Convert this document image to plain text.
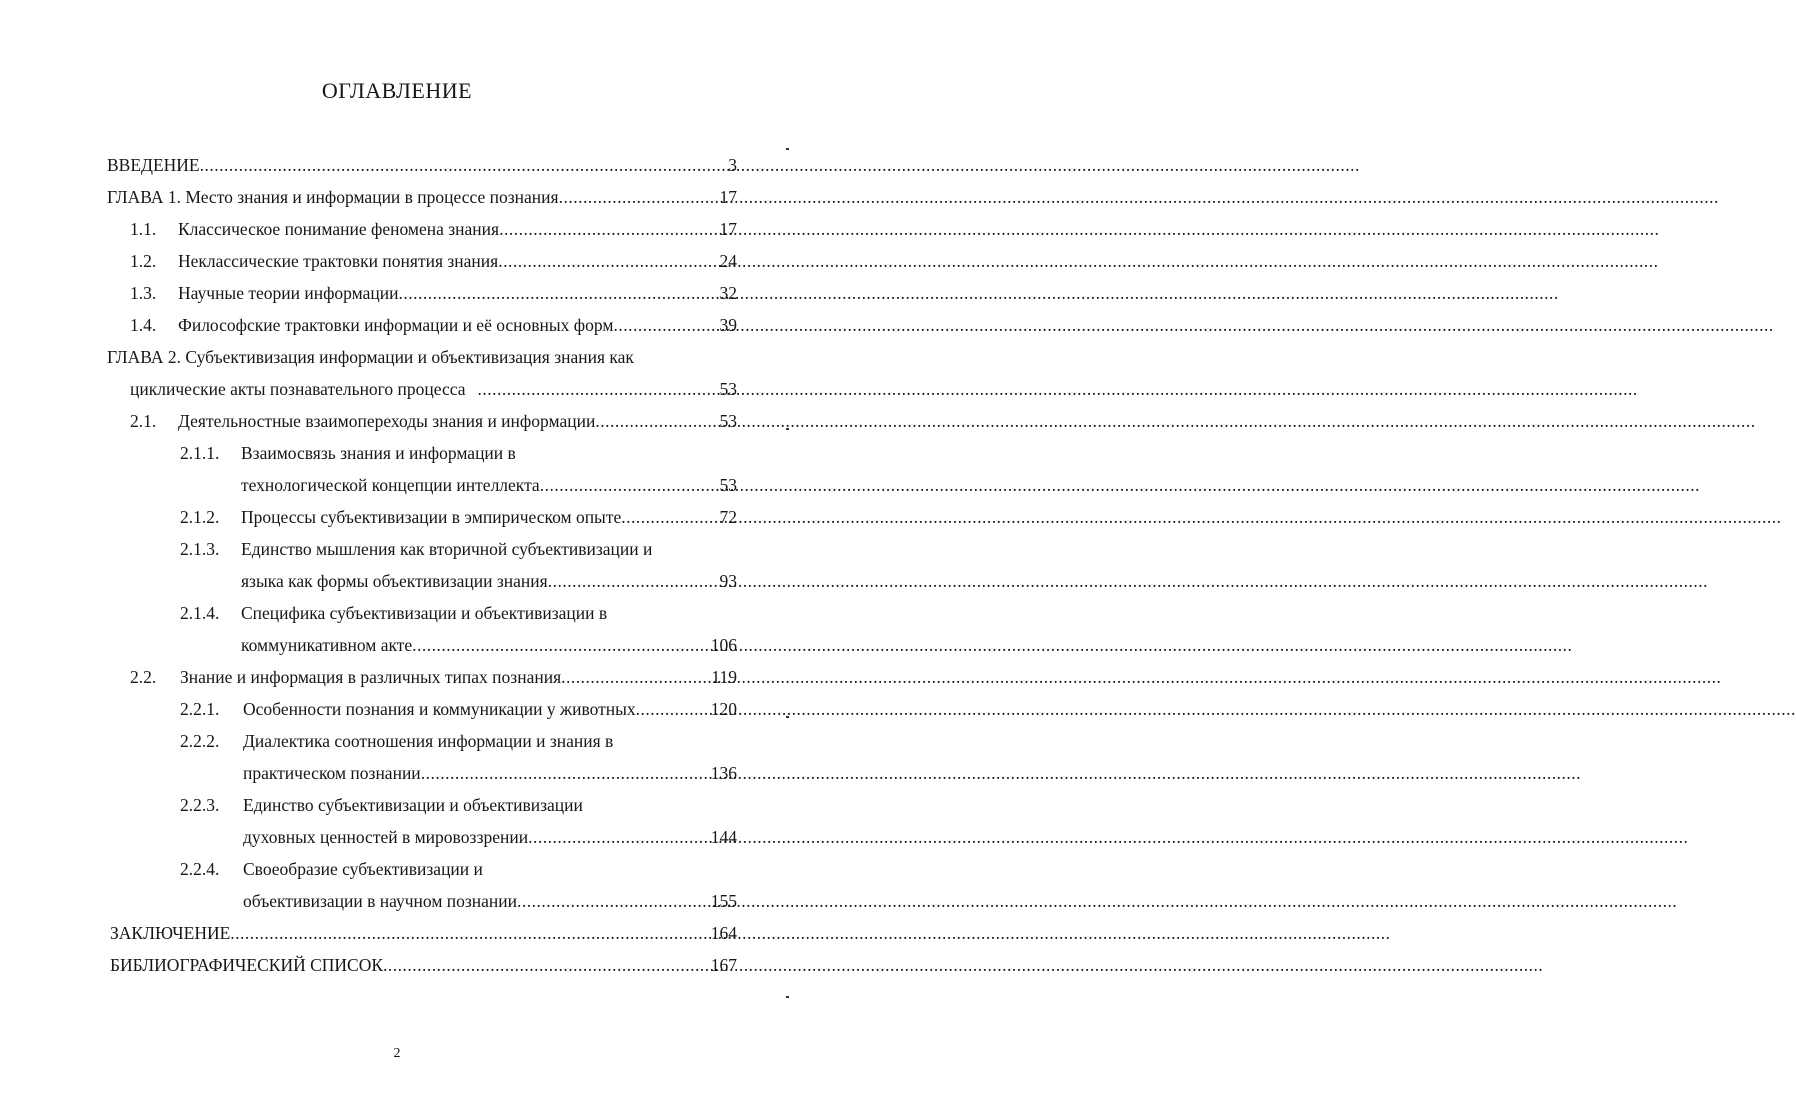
ОГЛАВЛЕНИЕ
ВВЕДЕНИЕ .....	3
ГЛАВА 1. Место знания и информации в процессе познания .....	17
1.1.	Классическое понимание феномена знания .....	17
1.2.	Неклассические трактовки понятия знания .....	24
1.3.	Научные теории информации .....	32
1.4.	Философские трактовки информации и её основных форм .....	39
ГЛАВА 2. Субъективизация информации и объективизация знания как
циклические акты познавательного процесса .....	53
2.1.	Деятельностные взаимопереходы знания и информации .....	53
2.1.1. Взаимосвязь знания и информации в
технологической концепции интеллекта .....	53
2.1.2.	Процессы субъективизации в эмпирическом опыте .....	72
2.1.3. Единство мышления как вторичной субъективизации и
языка как формы объективизации знания .....	93
2.1.4. Специфика субъективизации и объективизации в
коммуникативном акте .....	106
2.2.	Знание и информация в различных типах познания .....	119
2.2.1.	Особенности познания и коммуникации у животных .....	120
2.2.2. Диалектика соотношения информации и знания в
практическом познании .....	136
2.2.3. Единство субъективизации и объективизации
духовных ценностей в мировоззрении .....	144
2.2.4. Своеобразие субъективизации и
объективизации в научном познании .....	155
ЗАКЛЮЧЕНИЕ .....	164
БИБЛИОГРАФИЧЕСКИЙ СПИСОК .....	167
2
